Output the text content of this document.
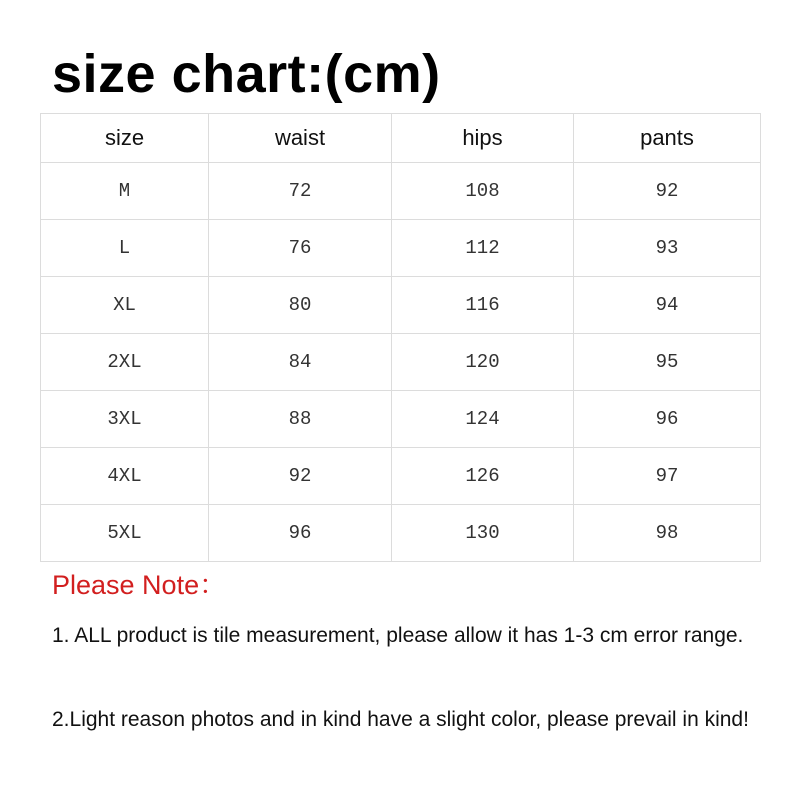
size chart:(cm)
size	waist	hips	pants
M	72	108	92
L	76	112	93
XL	80	116	94
2XL	84	120	95
3XL	88	124	96
4XL	92	126	97
5XL	96	130	98

Please Note：

1. ALL product is tile measurement, please allow it has 1-3 cm error range.

2.Light reason photos and in kind have a slight color, please prevail in kind!
